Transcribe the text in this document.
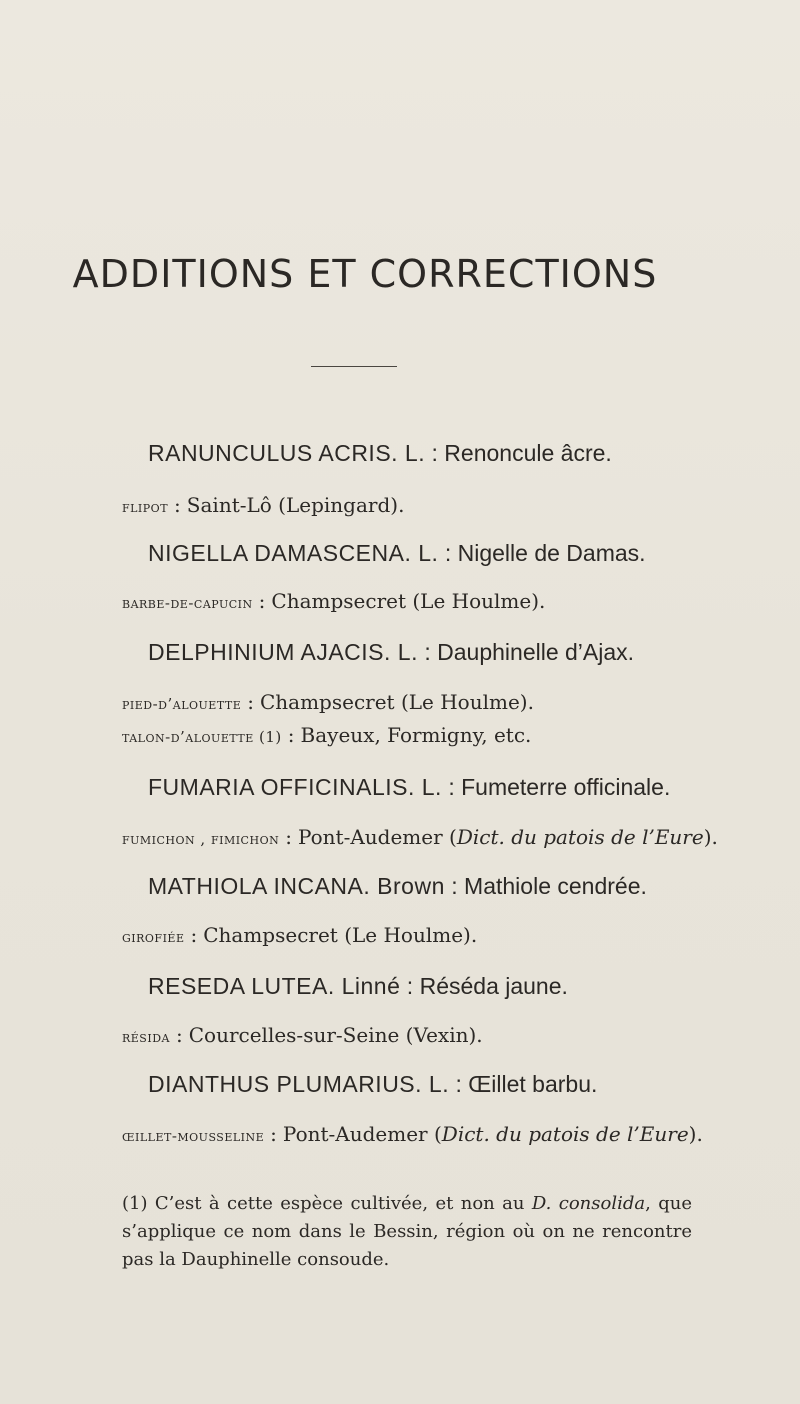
ADDITIONS ET CORRECTIONS
RANUNCULUS ACRIS. L. : Renoncule âcre.
flipot : Saint-Lô (Lepingard).
NIGELLA DAMASCENA. L. : Nigelle de Damas.
barbe-de-capucin : Champsecret (Le Houlme).
DELPHINIUM AJACIS. L. : Dauphinelle d’Ajax.
pied-d’alouette : Champsecret (Le Houlme).
talon-d’alouette (1) : Bayeux, Formigny, etc.
FUMARIA OFFICINALIS. L. : Fumeterre officinale.
fumichon , fimichon : Pont-Audemer (Dict. du patois de l’Eure).
MATHIOLA INCANA. Brown : Mathiole cendrée.
girofiée : Champsecret (Le Houlme).
RESEDA LUTEA. Linné : Réséda jaune.
résida : Courcelles-sur-Seine (Vexin).
DIANTHUS PLUMARIUS. L. : Œillet barbu.
œillet-mousseline : Pont-Audemer (Dict. du patois de l’Eure).
(1) C’est à cette espèce cultivée, et non au D. consolida, que s’applique ce nom dans le Bessin, région où on ne rencontre pas la Dauphinelle consoude.
